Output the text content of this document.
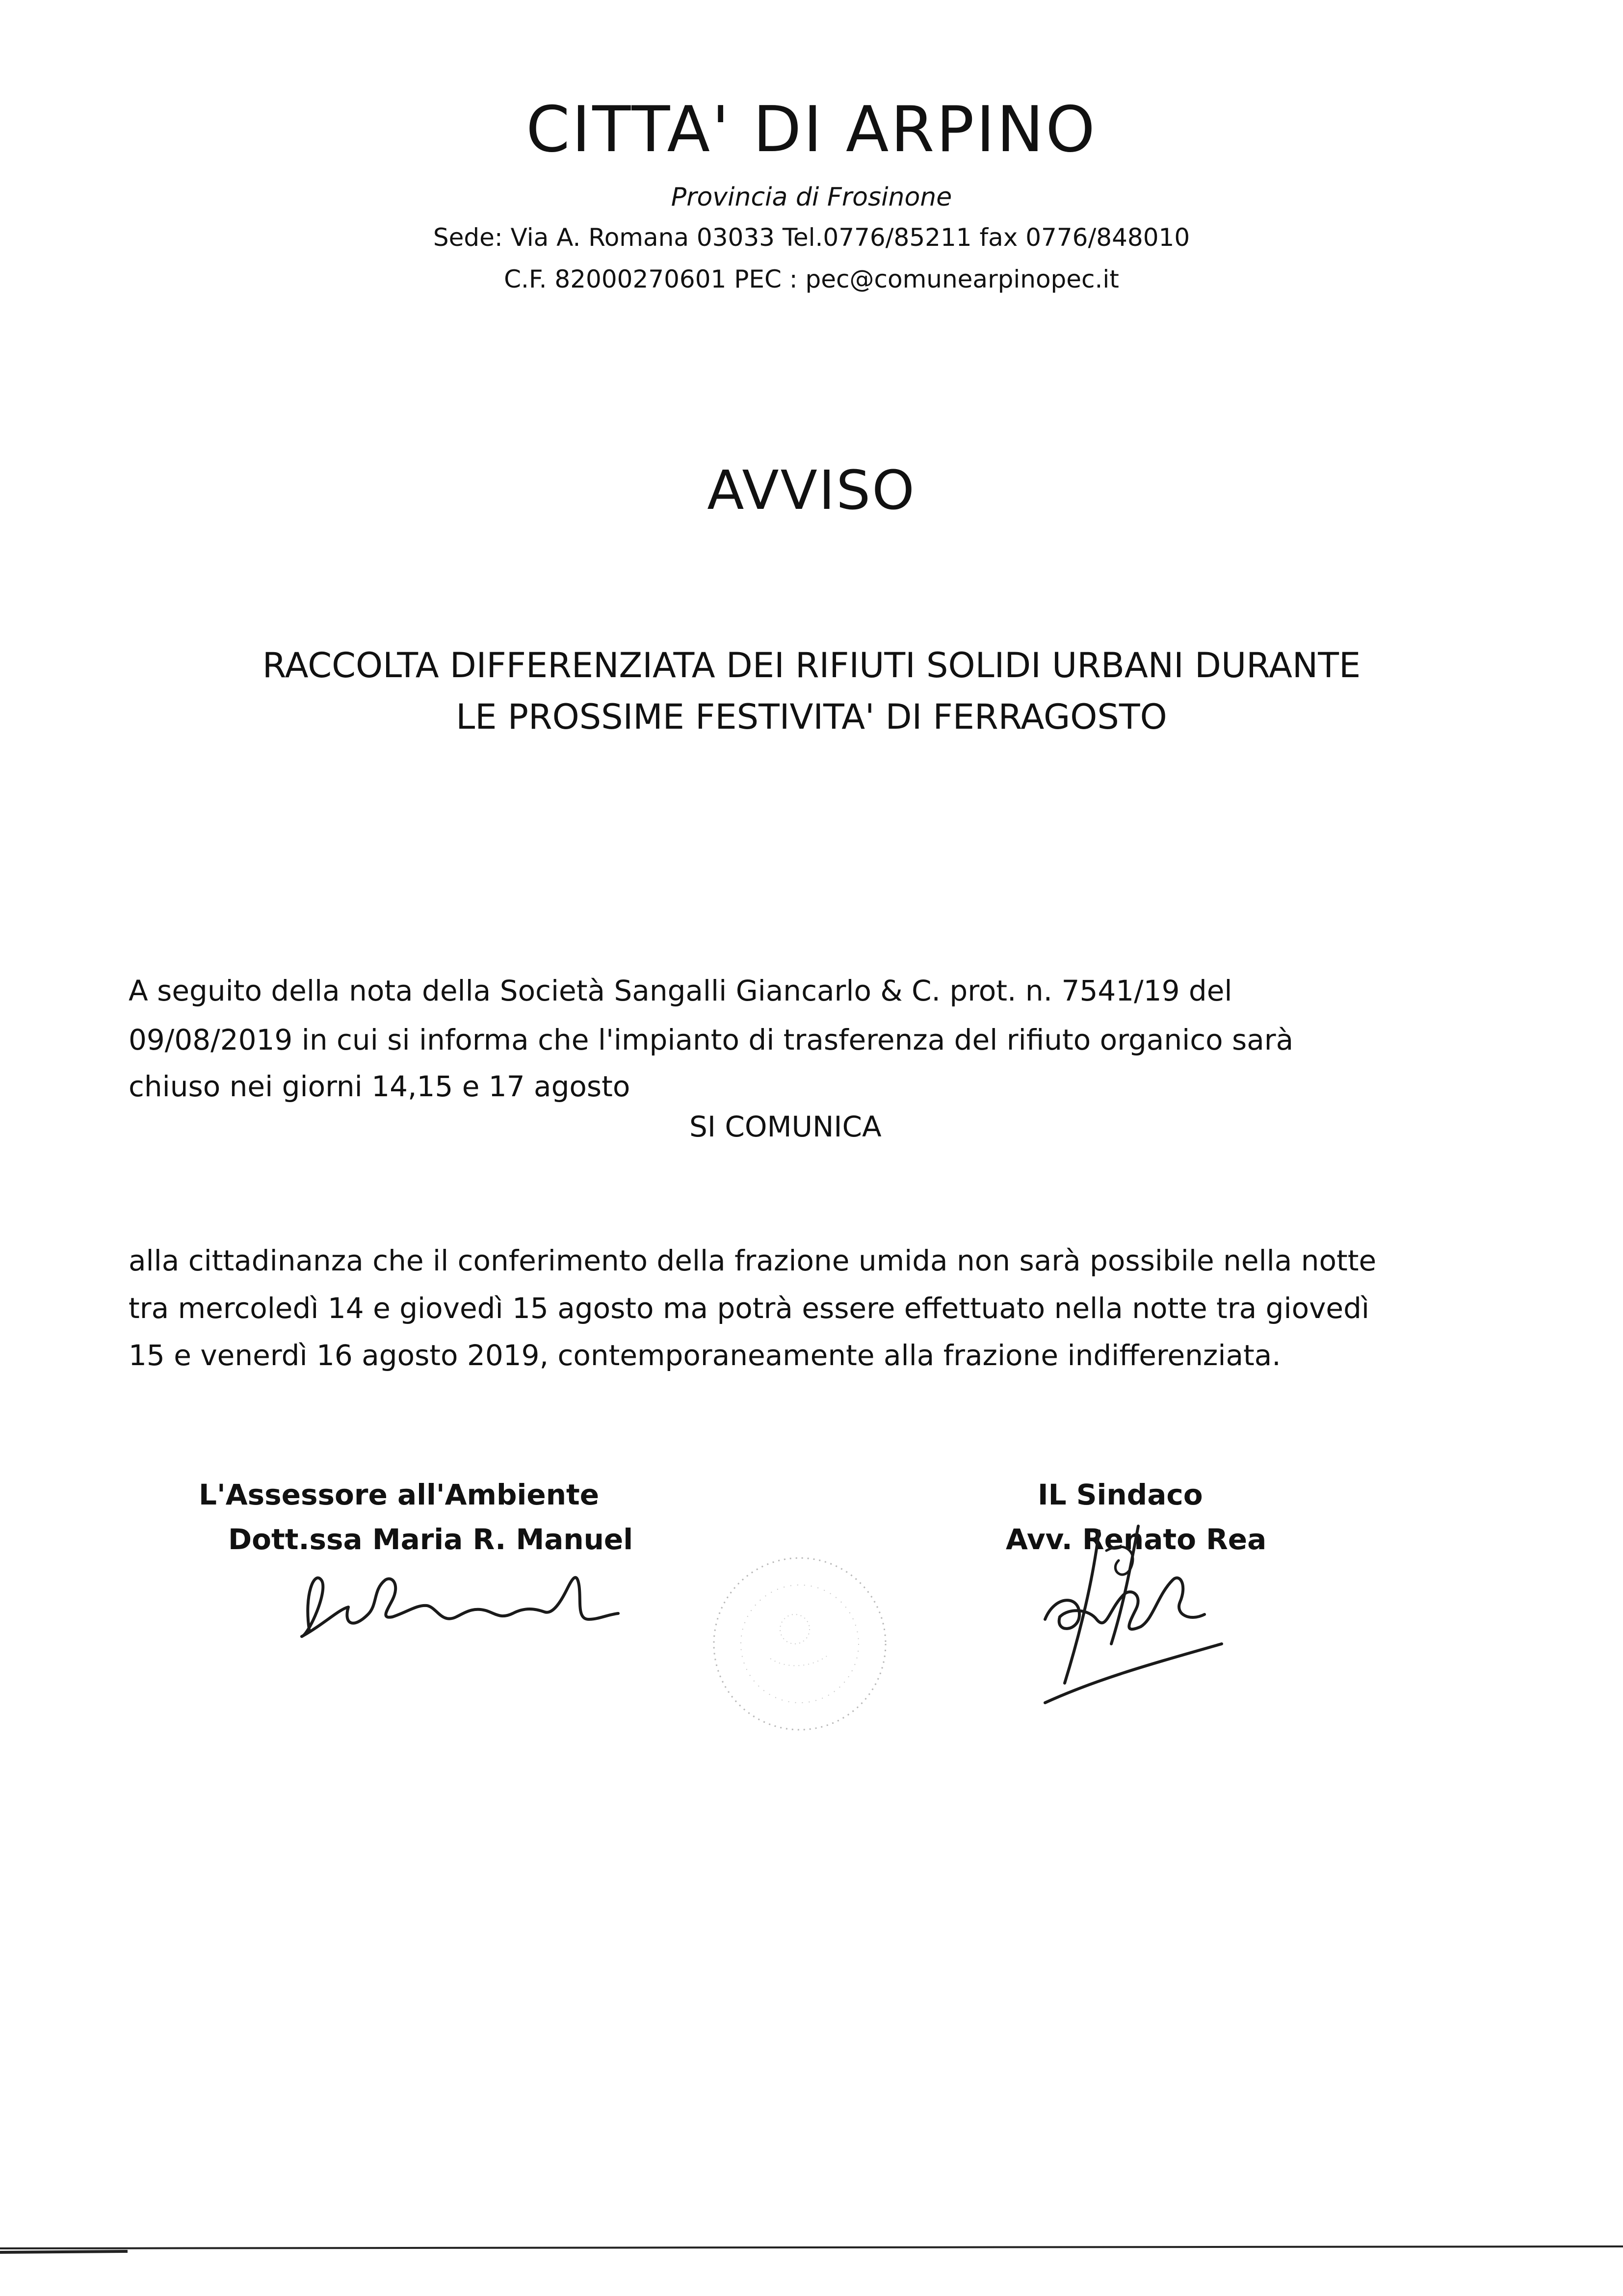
CITTA' DI ARPINO
Provincia di Frosinone
Sede: Via A. Romana 03033 Tel.0776/85211 fax 0776/848010
C.F. 82000270601 PEC : pec@comunearpinopec.it
AVVISO
RACCOLTA DIFFERENZIATA DEI RIFIUTI SOLIDI URBANI DURANTE
LE PROSSIME FESTIVITA' DI FERRAGOSTO
A seguito della nota della Società Sangalli Giancarlo & C. prot. n. 7541/19 del
09/08/2019 in cui si informa che l'impianto di trasferenza del rifiuto organico sarà
chiuso nei giorni 14,15 e 17 agosto
SI COMUNICA
alla cittadinanza che il conferimento della frazione umida non sarà possibile nella notte
tra mercoledì 14 e giovedì 15 agosto ma potrà essere effettuato nella notte tra giovedì
15 e venerdì 16 agosto 2019, contemporaneamente alla frazione indifferenziata.
L'Assessore all'Ambiente
Dott.ssa Maria R. Manuel
IL Sindaco
Avv. Renato Rea
